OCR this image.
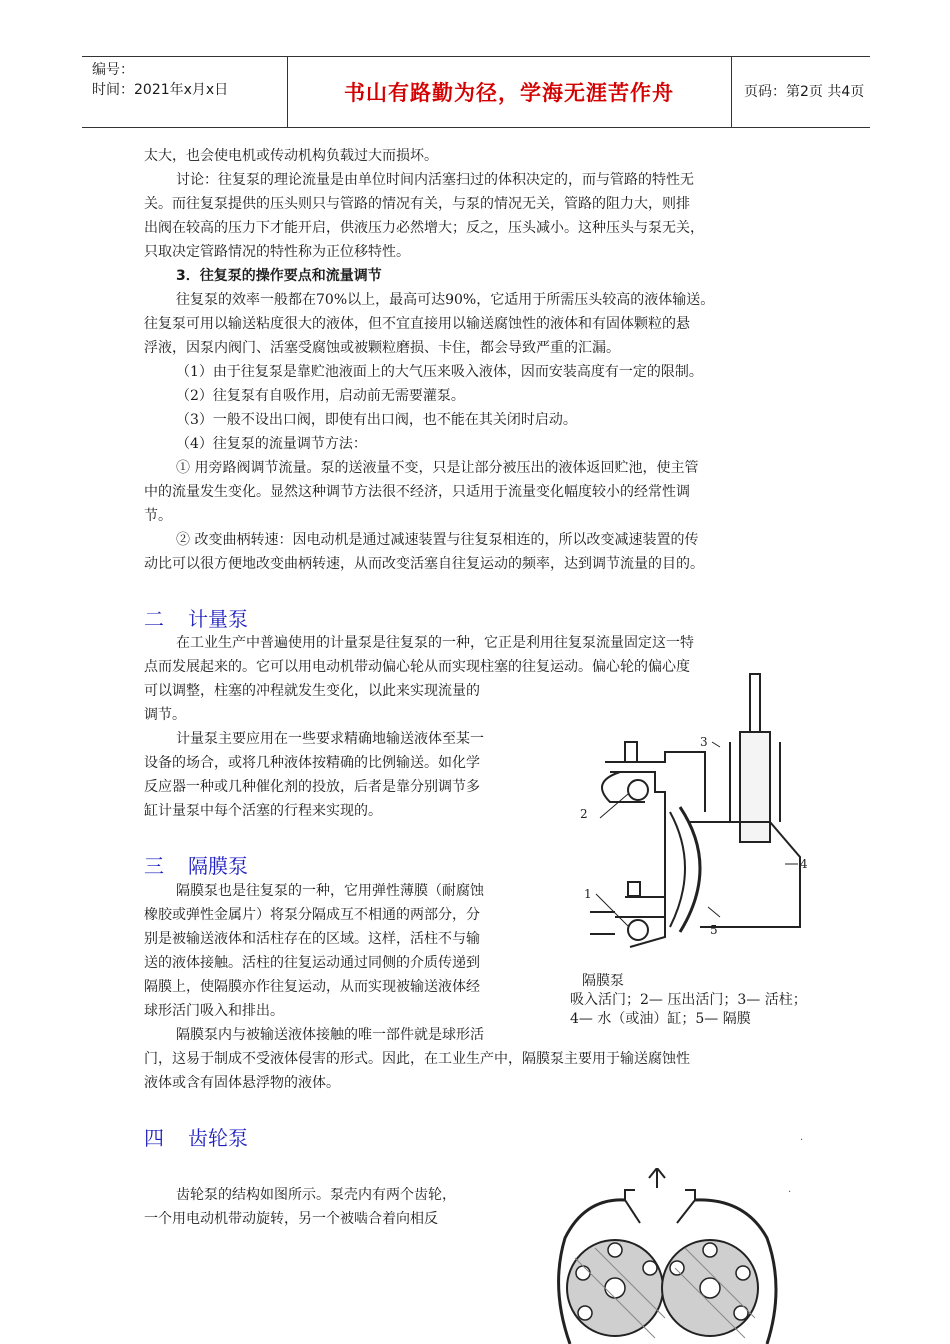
编号：
时间：2021年x月x日	书山有路勤为径，学海无涯苦作舟	页码：第2页 共4页
太大，也会使电机或传动机构负载过大而损坏。
讨论：往复泵的理论流量是由单位时间内活塞扫过的体积决定的，而与管路的特性无
关。而往复泵提供的压头则只与管路的情况有关，与泵的情况无关，管路的阻力大，则排
出阀在较高的压力下才能开启，供液压力必然增大；反之，压头减小。这种压头与泵无关，
只取决定管路情况的特性称为正位移特性。
3．往复泵的操作要点和流量调节
往复泵的效率一般都在70%以上，最高可达90%，它适用于所需压头较高的液体输送。
往复泵可用以输送粘度很大的液体，但不宜直接用以输送腐蚀性的液体和有固体颗粒的悬
浮液，因泵内阀门、活塞受腐蚀或被颗粒磨损、卡住，都会导致严重的汇漏。
（1）由于往复泵是靠贮池液面上的大气压来吸入液体，因而安装高度有一定的限制。
（2）往复泵有自吸作用，启动前无需要灌泵。
（3）一般不设出口阀，即使有出口阀，也不能在其关闭时启动。
（4）往复泵的流量调节方法：
① 用旁路阀调节流量。泵的送液量不变，只是让部分被压出的液体返回贮池，使主管
中的流量发生变化。显然这种调节方法很不经济，只适用于流量变化幅度较小的经常性调
节。
② 改变曲柄转速：因电动机是通过减速装置与往复泵相连的，所以改变减速装置的传
动比可以很方便地改变曲柄转速，从而改变活塞自往复运动的频率，达到调节流量的目的。
二 计量泵
在工业生产中普遍使用的计量泵是往复泵的一种，它正是利用往复泵流量固定这一特
点而发展起来的。它可以用电动机带动偏心轮从而实现柱塞的往复运动。偏心轮的偏心度
可以调整，柱塞的冲程就发生变化，以此来实现流量的
调节。
计量泵主要应用在一些要求精确地输送液体至某一
设备的场合，或将几种液体按精确的比例输送。如化学
反应器一种或几种催化剂的投放，后者是靠分别调节多
缸计量泵中每个活塞的行程来实现的。
三 隔膜泵
隔膜泵也是往复泵的一种，它用弹性薄膜（耐腐蚀
橡胶或弹性金属片）将泵分隔成互不相通的两部分，分
别是被输送液体和活柱存在的区域。这样，活柱不与输
送的液体接触。活柱的往复运动通过同侧的介质传递到
隔膜上，使隔膜亦作往复运动，从而实现被输送液体经
球形活门吸入和排出。
隔膜泵内与被输送液体接触的唯一部件就是球形活
门，这易于制成不受液体侵害的形式。因此，在工业生产中，隔膜泵主要用于输送腐蚀性
液体或含有固体悬浮物的液体。
四 齿轮泵
齿轮泵的结构如图所示。泵壳内有两个齿轮，
一个用电动机带动旋转，另一个被啮合着向相反
1
2
3
4
5
隔膜泵
吸入活门；2— 压出活门；3— 活柱；
4— 水（或油）缸；5— 隔膜
·
·
